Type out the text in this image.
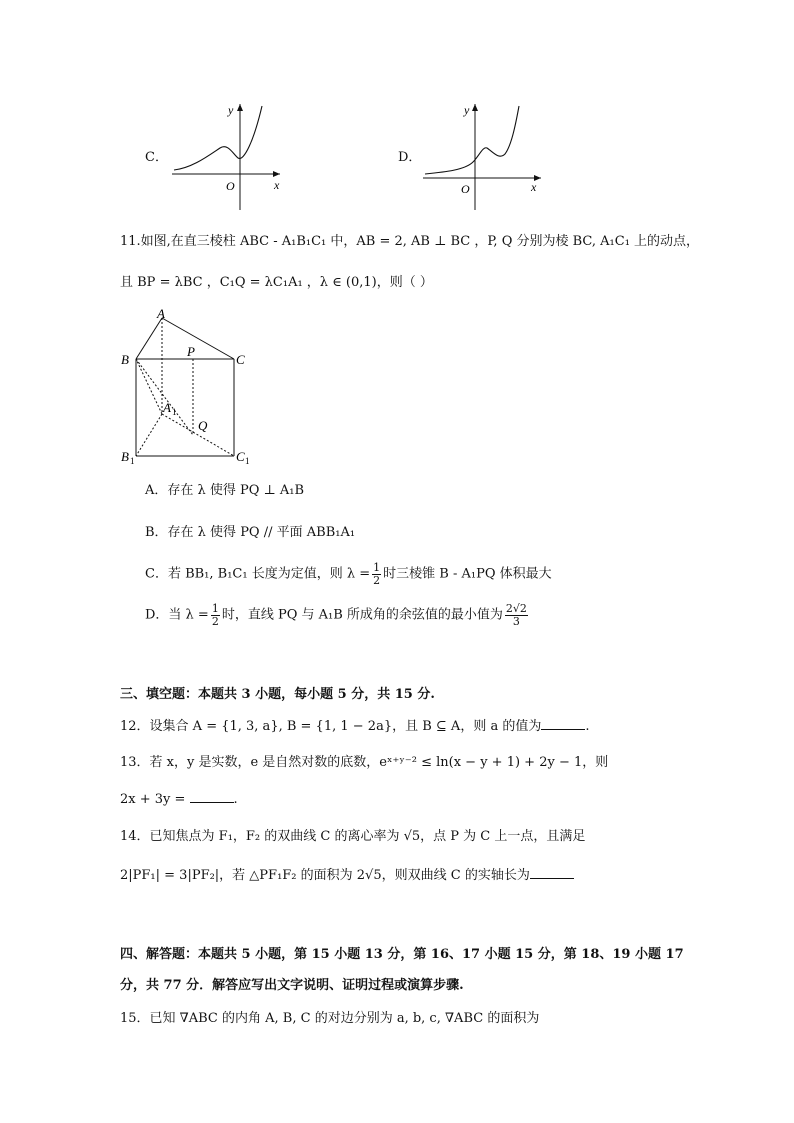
y
x
O
C．
y
x
O
D．
11.如图,在直三棱柱 ABC - A₁B₁C₁ 中，AB = 2, AB ⊥ BC ，P, Q 分别为棱 BC, A₁C₁ 上的动点，
且 BP = λBC ，C₁Q = λC₁A₁ ，λ ∈ (0,1)，则（ ）
A
B	C
P
A 1
Q
B 1	C 1
A．存在 λ 使得 PQ ⊥ A₁B
B．存在 λ 使得 PQ // 平面 ABB₁A₁
C．若 BB₁, B₁C₁ 长度为定值，则 $\lambda = \frac{1}{2}$ 时三棱锥 B - A₁PQ 体积最大
D．当 $\lambda = \frac{1}{2}$ 时，直线 PQ 与 A₁B 所成角的余弦值的最小值为 $\frac{2√2}{3}$
三、填空题：本题共 3 小题，每小题 5 分，共 15 分.
12．设集合 A = {1, 3, a}, B = {1, 1 − 2a}，且 B ⊆ A，则 a 的值为	.
13．若 x，y 是实数，e 是自然对数的底数，eˣ⁺ʸ⁻² ≤ ln(x − y + 1) + 2y − 1，则
2x + 3y =	.
14．已知焦点为 F₁，F₂ 的双曲线 C 的离心率为 √5，点 P 为 C 上一点，且满足
2|PF₁| = 3|PF₂|，若 △PF₁F₂ 的面积为 2√5，则双曲线 C 的实轴长为
四、解答题：本题共 5 小题，第 15 小题 13 分，第 16、17 小题 15 分，第 18、19 小题 17
分，共 77 分．解答应写出文字说明、证明过程或演算步骤.
15．已知 ∇ABC 的内角 A, B, C 的对边分别为 a, b, c, ∇ABC 的面积为
